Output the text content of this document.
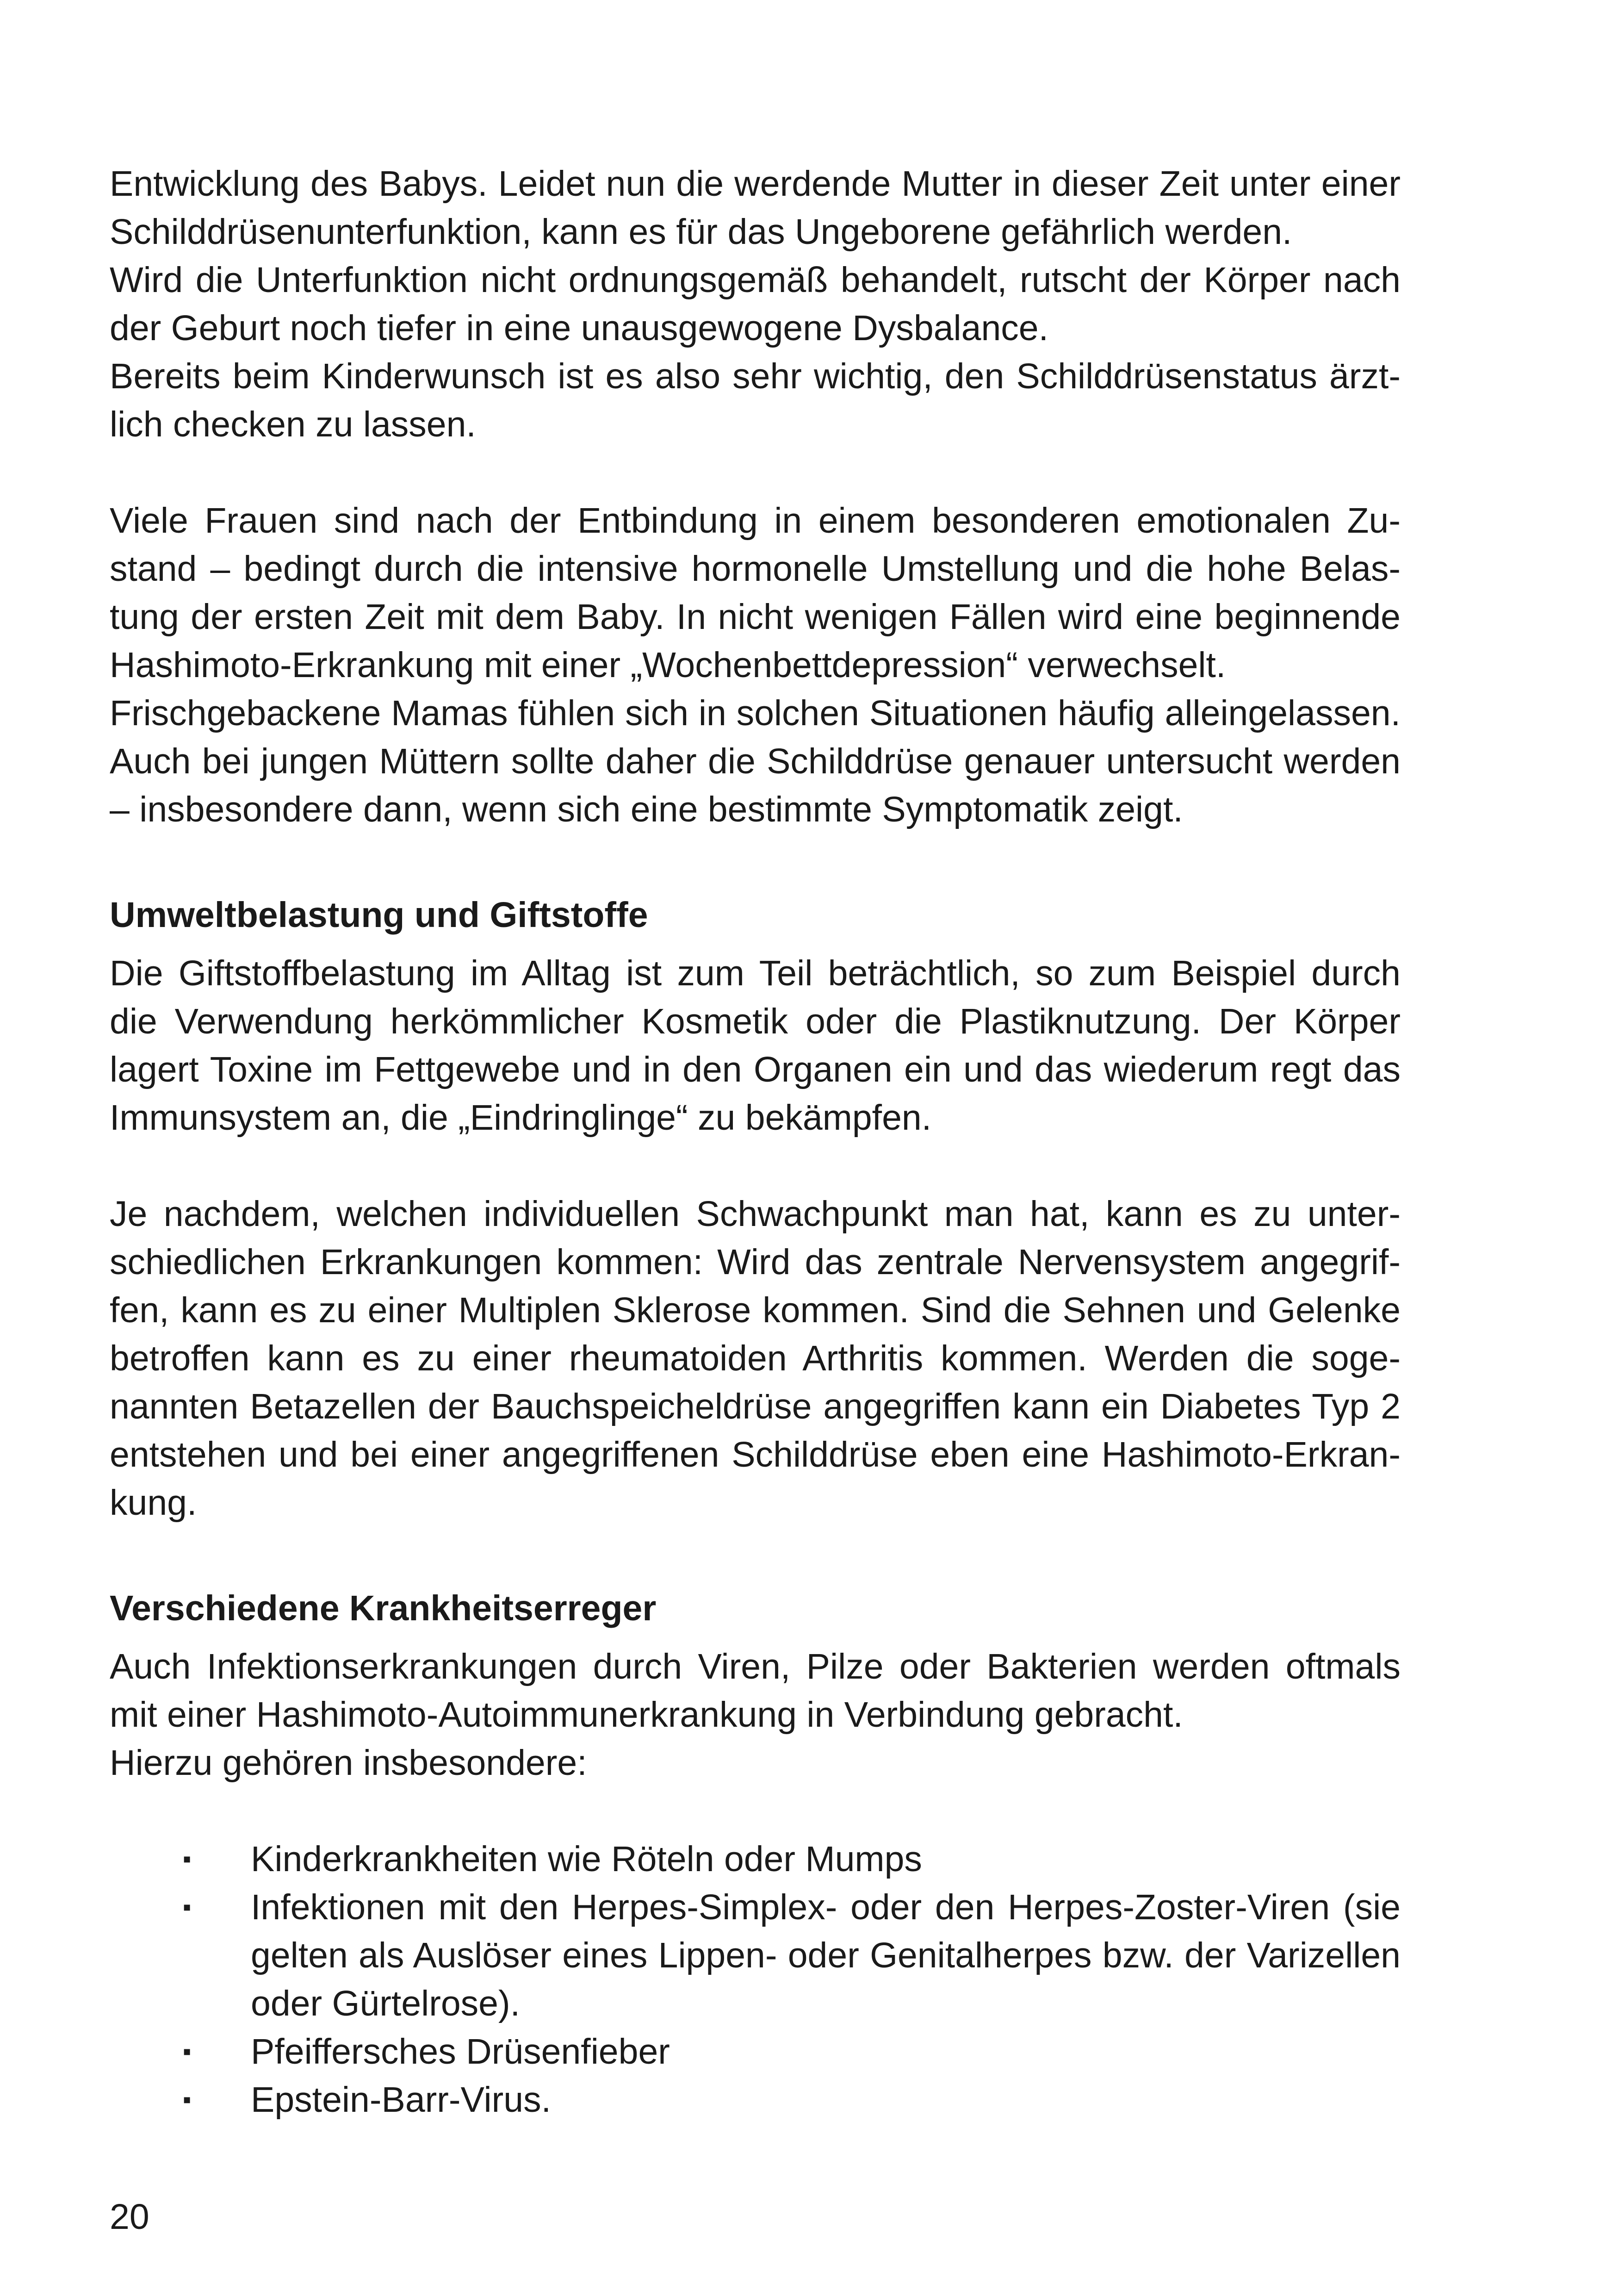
Entwicklung des Babys. Leidet nun die werdende Mutter in dieser Zeit unter einer
Schilddrüsenunterfunktion, kann es für das Ungeborene gefährlich werden.
Wird die Unterfunktion nicht ordnungsgemäß behandelt, rutscht der Körper nach
der Geburt noch tiefer in eine unausgewogene Dysbalance.
Bereits beim Kinderwunsch ist es also sehr wichtig, den Schilddrüsenstatus ärzt-
lich checken zu lassen.
Viele Frauen sind nach der Entbindung in einem besonderen emotionalen Zu-
stand – bedingt durch die intensive hormonelle Umstellung und die hohe Belas-
tung der ersten Zeit mit dem Baby. In nicht wenigen Fällen wird eine beginnende
Hashimoto-Erkrankung mit einer „Wochenbettdepression“ verwechselt.
Frischgebackene Mamas fühlen sich in solchen Situationen häufig alleingelassen.
Auch bei jungen Müttern sollte daher die Schilddrüse genauer untersucht werden
– insbesondere dann, wenn sich eine bestimmte Symptomatik zeigt.
Umweltbelastung und Giftstoffe
Die Giftstoffbelastung im Alltag ist zum Teil beträchtlich, so zum Beispiel durch
die Verwendung herkömmlicher Kosmetik oder die Plastiknutzung. Der Körper
lagert Toxine im Fettgewebe und in den Organen ein und das wiederum regt das
Immunsystem an, die „Eindringlinge“ zu bekämpfen.
Je nachdem, welchen individuellen Schwachpunkt man hat, kann es zu unter-
schiedlichen Erkrankungen kommen: Wird das zentrale Nervensystem angegrif-
fen, kann es zu einer Multiplen Sklerose kommen. Sind die Sehnen und Gelenke
betroffen kann es zu einer rheumatoiden Arthritis kommen. Werden die soge-
nannten Betazellen der Bauchspeicheldrüse angegriffen kann ein Diabetes Typ 2
entstehen und bei einer angegriffenen Schilddrüse eben eine Hashimoto-Erkran-
kung.
Verschiedene Krankheitserreger
Auch Infektionserkrankungen durch Viren, Pilze oder Bakterien werden oftmals
mit einer Hashimoto-Autoimmunerkrankung in Verbindung gebracht.
Hierzu gehören insbesondere:
▪ Kinderkrankheiten wie Röteln oder Mumps
▪ Infektionen mit den Herpes-Simplex- oder den Herpes-Zoster-Viren (sie
gelten als Auslöser eines Lippen- oder Genitalherpes bzw. der Varizellen
oder Gürtelrose).
▪ Pfeiffersches Drüsenfieber
▪ Epstein-Barr-Virus.
20
